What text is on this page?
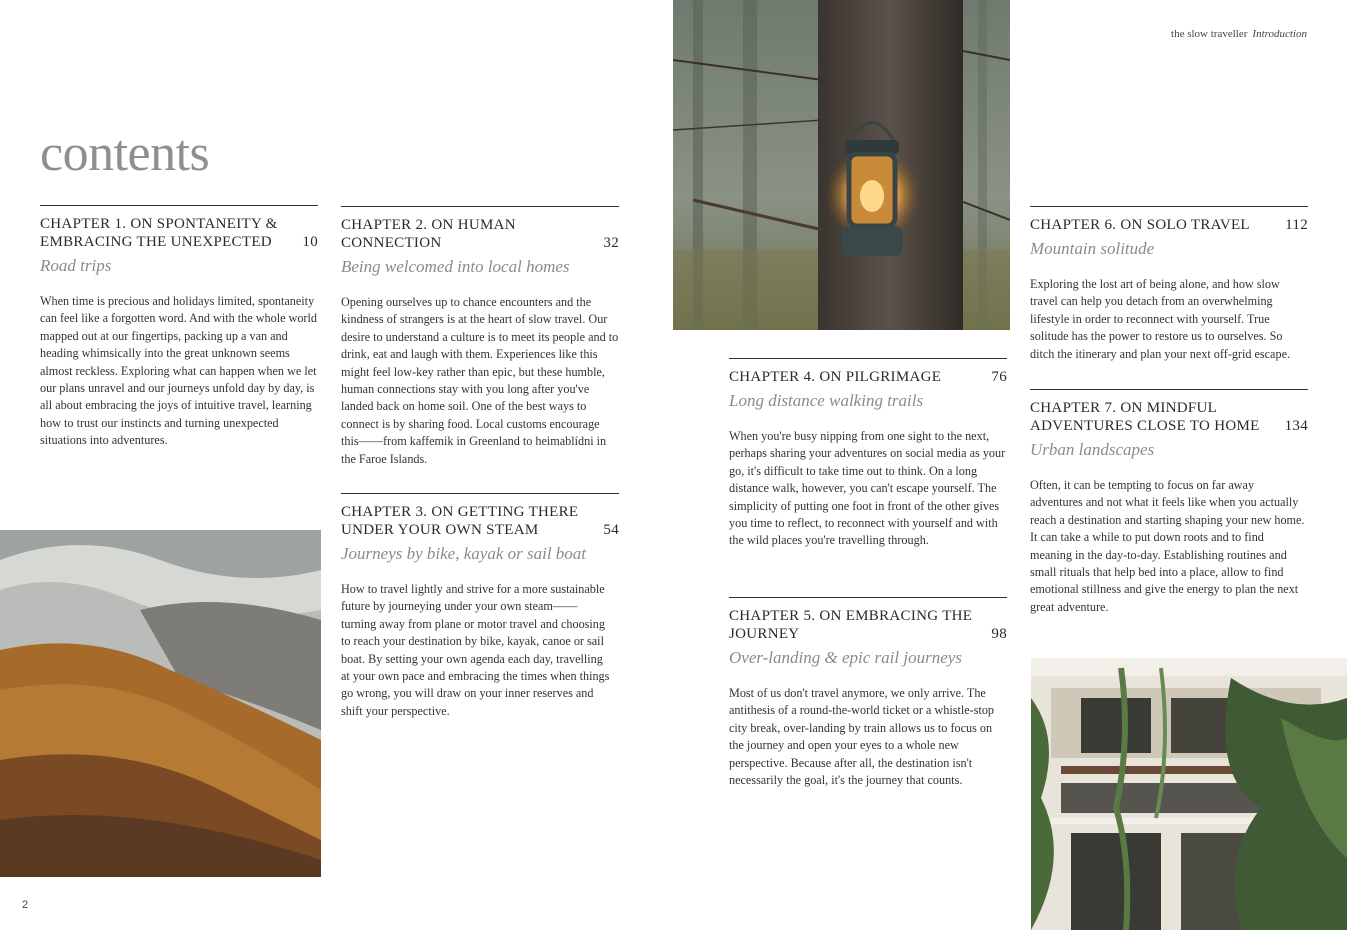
the slow traveller Introduction
contents
CHAPTER 1. ON SPONTANEITY & EMBRACING THE UNEXPECTED	10
Road trips
When time is precious and holidays limited, spontaneity can feel like a forgotten word. And with the whole world mapped out at our fingertips, packing up a van and heading whimsically into the great unknown seems almost reckless. Exploring what can happen when we let our plans unravel and our journeys unfold day by day, is all about embracing the joys of intuitive travel, learning how to trust our instincts and turning unexpected situations into adventures.
CHAPTER 2. ON HUMAN CONNECTION	32
Being welcomed into local homes
Opening ourselves up to chance encounters and the kindness of strangers is at the heart of slow travel. Our desire to understand a culture is to meet its people and to drink, eat and laugh with them. Experiences like this might feel low-key rather than epic, but these humble, human connections stay with you long after you've landed back on home soil. One of the best ways to connect is by sharing food. Local customs encourage this——from kaffemik in Greenland to heimablídni in the Faroe Islands.
CHAPTER 3. ON GETTING THERE UNDER YOUR OWN STEAM	54
Journeys by bike, kayak or sail boat
How to travel lightly and strive for a more sustainable future by journeying under your own steam——turning away from plane or motor travel and choosing to reach your destination by bike, kayak, canoe or sail boat. By setting your own agenda each day, travelling at your own pace and embracing the times when things go wrong, you will draw on your inner reserves and shift your perspective.
CHAPTER 4. ON PILGRIMAGE	76
Long distance walking trails
When you're busy nipping from one sight to the next, perhaps sharing your adventures on social media as your go, it's difficult to take time out to think. On a long distance walk, however, you can't escape yourself. The simplicity of putting one foot in front of the other gives you time to reflect, to reconnect with yourself and with the wild places you're travelling through.
CHAPTER 5. ON EMBRACING THE JOURNEY	98
Over-landing & epic rail journeys
Most of us don't travel anymore, we only arrive. The antithesis of a round-the-world ticket or a whistle-stop city break, over-landing by train allows us to focus on the journey and open your eyes to a whole new perspective. Because after all, the destination isn't necessarily the goal, it's the journey that counts.
CHAPTER 6. ON SOLO TRAVEL	112
Mountain solitude
Exploring the lost art of being alone, and how slow travel can help you detach from an overwhelming lifestyle in order to reconnect with yourself. True solitude has the power to restore us to ourselves. So ditch the itinerary and plan your next off-grid escape.
CHAPTER 7. ON MINDFUL ADVENTURES CLOSE TO HOME	134
Urban landscapes
Often, it can be tempting to focus on far away adventures and not what it feels like when you actually reach a destination and starting shaping your new home. It can take a while to put down roots and to find meaning in the day-to-day. Establishing routines and small rituals that help bed into a place, allow to find emotional stillness and give the energy to plan the next great adventure.
2
